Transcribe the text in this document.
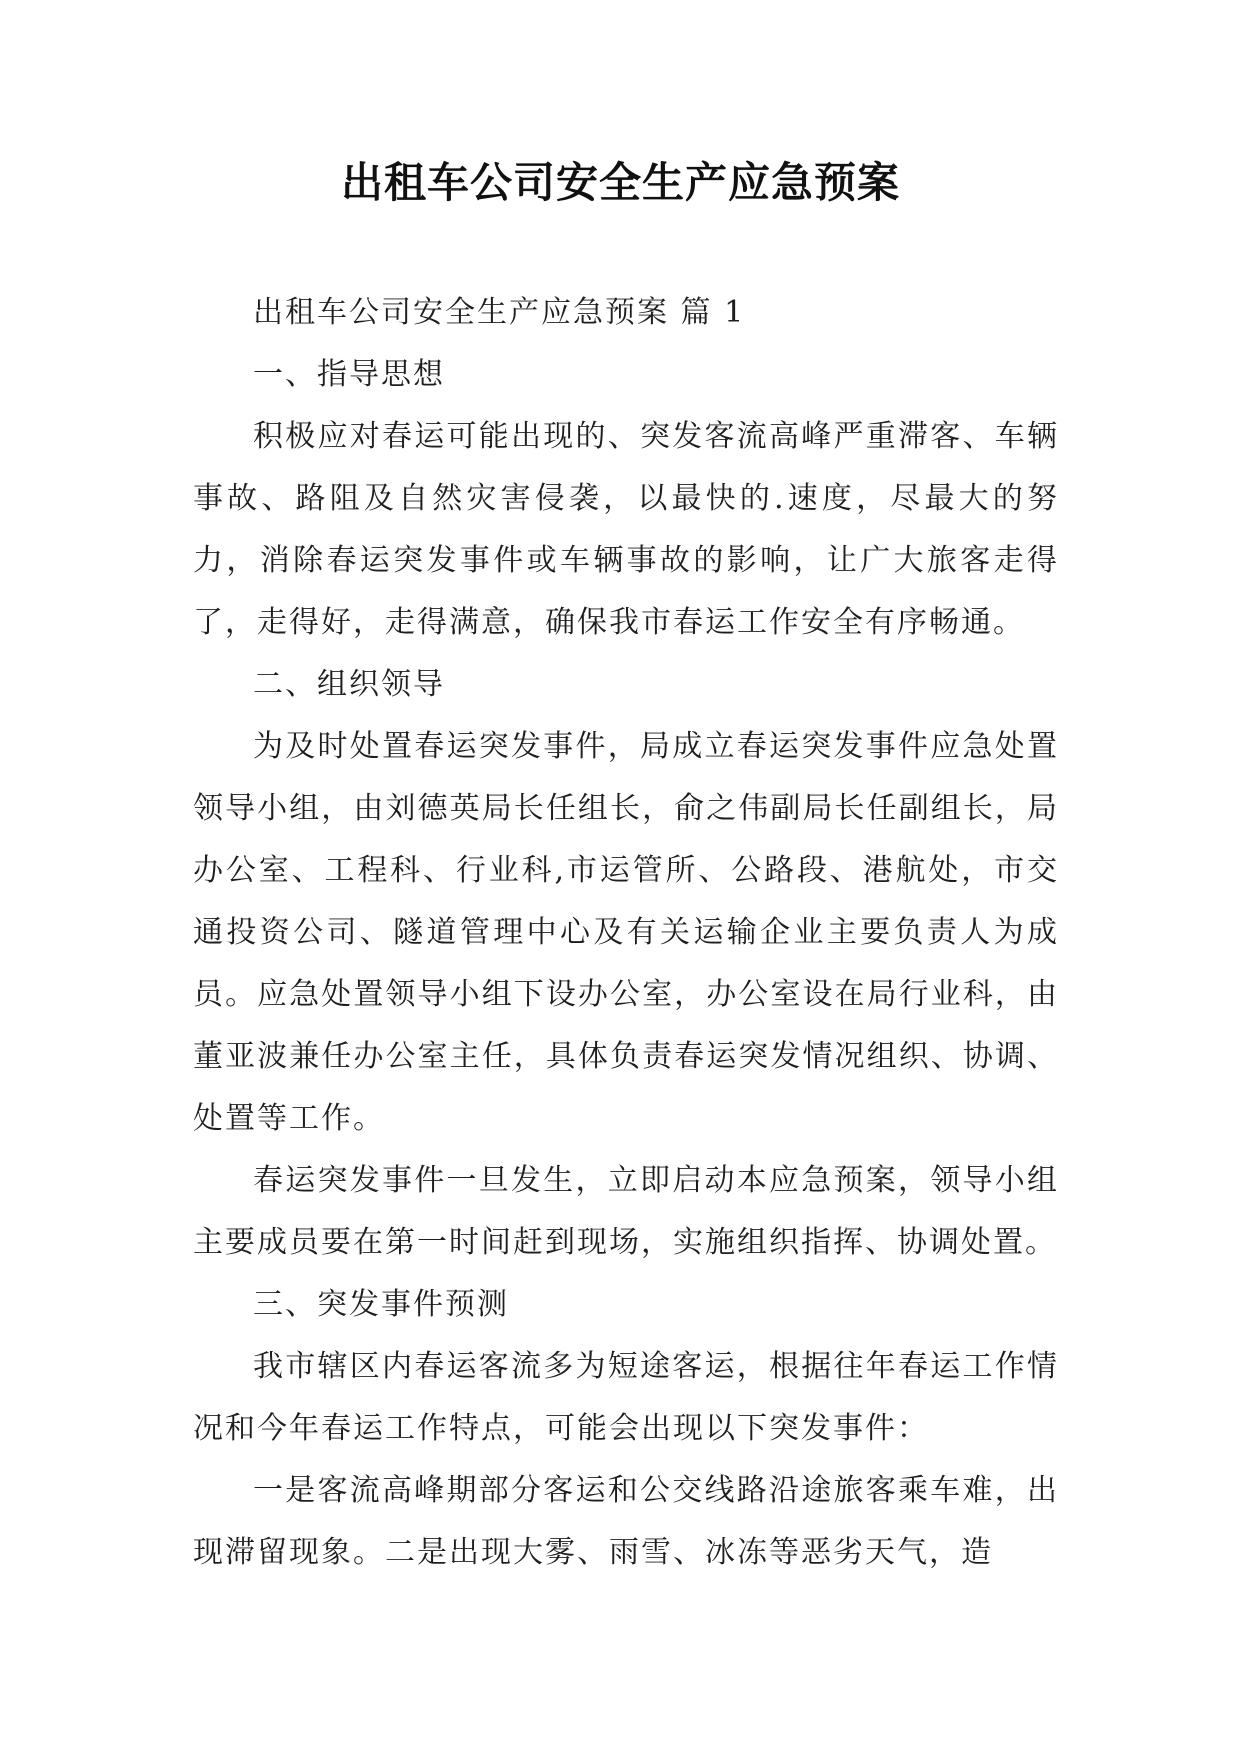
出租车公司安全生产应急预案

出租车公司安全生产应急预案 篇 1

一、指导思想

积极应对春运可能出现的、突发客流高峰严重滞客、车辆事故、路阻及自然灾害侵袭，以最快的.速度，尽最大的努力，消除春运突发事件或车辆事故的影响，让广大旅客走得了，走得好，走得满意，确保我市春运工作安全有序畅通。

二、组织领导

为及时处置春运突发事件，局成立春运突发事件应急处置领导小组，由刘德英局长任组长，俞之伟副局长任副组长，局办公室、工程科、行业科,市运管所、公路段、港航处，市交通投资公司、隧道管理中心及有关运输企业主要负责人为成员。应急处置领导小组下设办公室，办公室设在局行业科，由董亚波兼任办公室主任，具体负责春运突发情况组织、协调、处置等工作。

春运突发事件一旦发生，立即启动本应急预案，领导小组主要成员要在第一时间赶到现场，实施组织指挥、协调处置。

三、突发事件预测

我市辖区内春运客流多为短途客运，根据往年春运工作情况和今年春运工作特点，可能会出现以下突发事件：

一是客流高峰期部分客运和公交线路沿途旅客乘车难，出现滞留现象。二是出现大雾、雨雪、冰冻等恶劣天气，造
